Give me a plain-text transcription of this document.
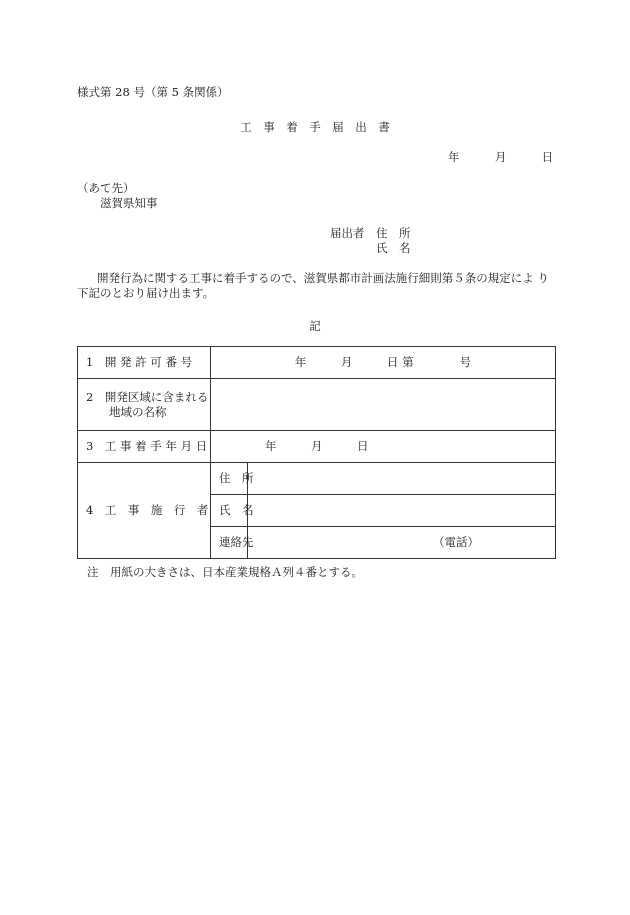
様式第 28 号（第 5 条関係）
工　事　着　手　届　出　書
年	月	日
（あて先）
滋賀県知事
届出者　住　所
氏　名
開発行為に関する工事に着手するので、滋賀県都市計画法施行細則第５条の規定によ り下記のとおり届け出ます。
記
1　開 発 許 可 番 号	年　　　月　　　日 第　　　　号	

2　開発区域に含まれる
　　地域の名称		

3　工 事 着 手 年 月 日	年　　　月　　　日	
4　工　事　施　行　者	住　所	
	氏　名	
	連絡先	（電話）
注　用紙の大きさは、日本産業規格Ａ列４番とする。
